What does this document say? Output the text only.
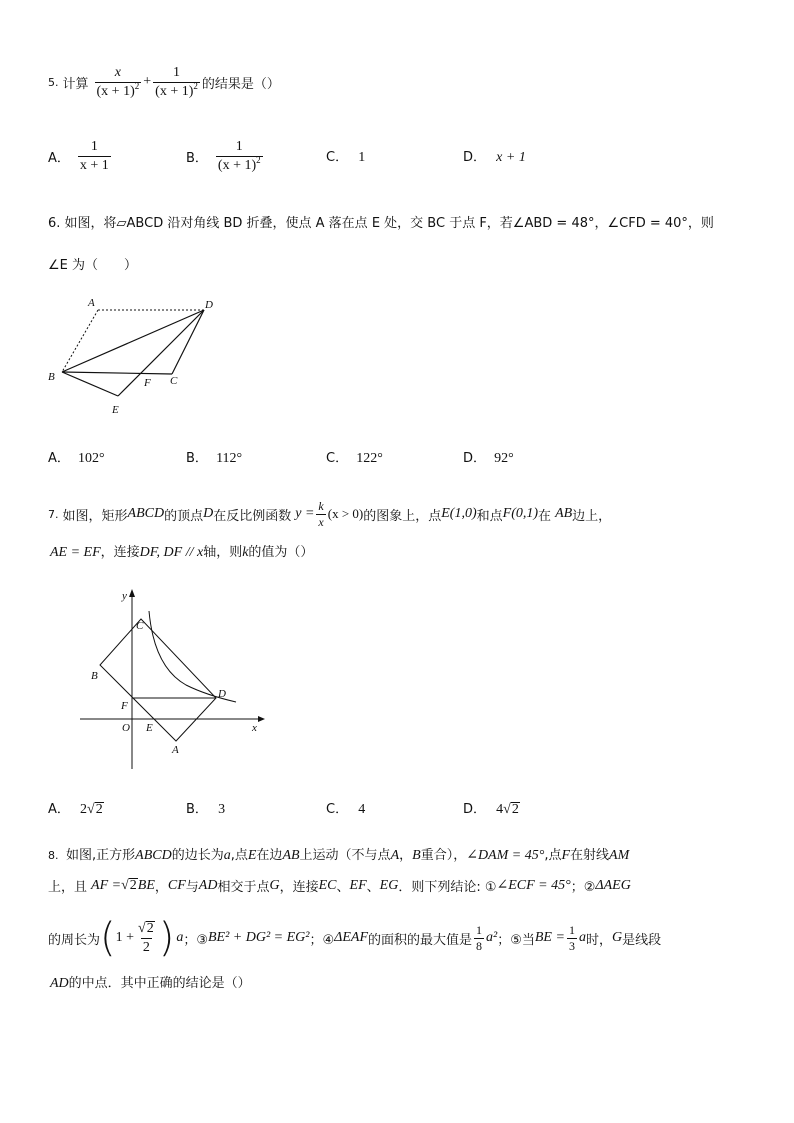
5. 计算 $\frac{x}{(x + 1)^2} + \frac{1}{(x + 1)^2}$ 的结果是（）
A． $\frac{1}{x + 1}$	B． $\frac{1}{(x + 1)^2}$	C． 1	D． x + 1
6. 如图，将▱ABCD 沿对角线 BD 折叠，使点 A 落在点 E 处，交 BC 于点 F，若∠ABD = 48°，∠CFD = 40°，则
∠E 为（　　）
A	D
B	F C
E
A． 102°	B． 112°	C． 122°	D． 92°
7. 如图，矩形 ABCD 的顶点 D 在反比例函数 $y = \frac{k}{x} (x > 0)$ 的图象上，点 E(1,0) 和点 F(0,1) 在 AB 边上，
AE = EF，连接DF, DF // x轴，则k的值为（）
y
x
O E
F
A
B
C
D
A． 2√2	B． 3	C． 4	D． 4√2
8. 如图,正方形ABCD的边长为a,点E在边AB上运动（不与点A，B重合），∠DAM = 45°,点F在射线AM
上，且 AF = √ 2 BE ， CF 与 AD 相交于点 G ，连接 EC 、 EF 、 EG ．则下列结论: ① ∠ECF = 45° ；② ΔAEG
的周长为 ( $1 + \frac{√2}{2}$ ) a ；③ BE² + DG² = EG² ；④ ΔEAF 的面积的最大值是 $\frac{1}{8} a^2$ ；⑤当 BE = $\frac{1}{3}$ a 时， G 是线段
AD的中点．其中正确的结论是（）
